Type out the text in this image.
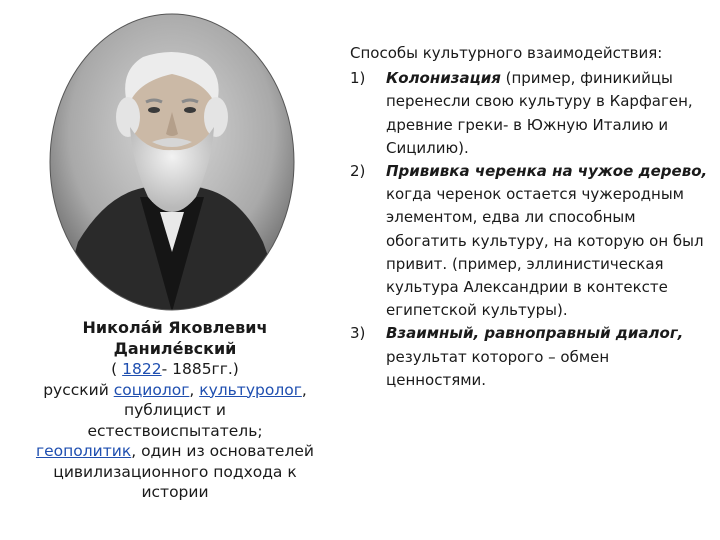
Никола́й Яковлевич
Даниле́вский
( 1822- 1885гг.)
русский социолог, культуролог,
публицист и
естествоиспытатель;
геополитик, один из основателей
цивилизационного подхода к
истории
Способы культурного взаимодействия:
1) Колонизация (пример, финикийцы перенесли свою культуру в Карфаген, древние греки- в Южную Италию и Сицилию).
2) Прививка черенка на чужое дерево, когда черенок остается чужеродным элементом, едва ли способным обогатить культуру, на которую он был привит. (пример, эллинистическая культура Александрии в контексте египетской культуры).
3) Взаимный, равноправный диалог, результат которого – обмен ценностями.
